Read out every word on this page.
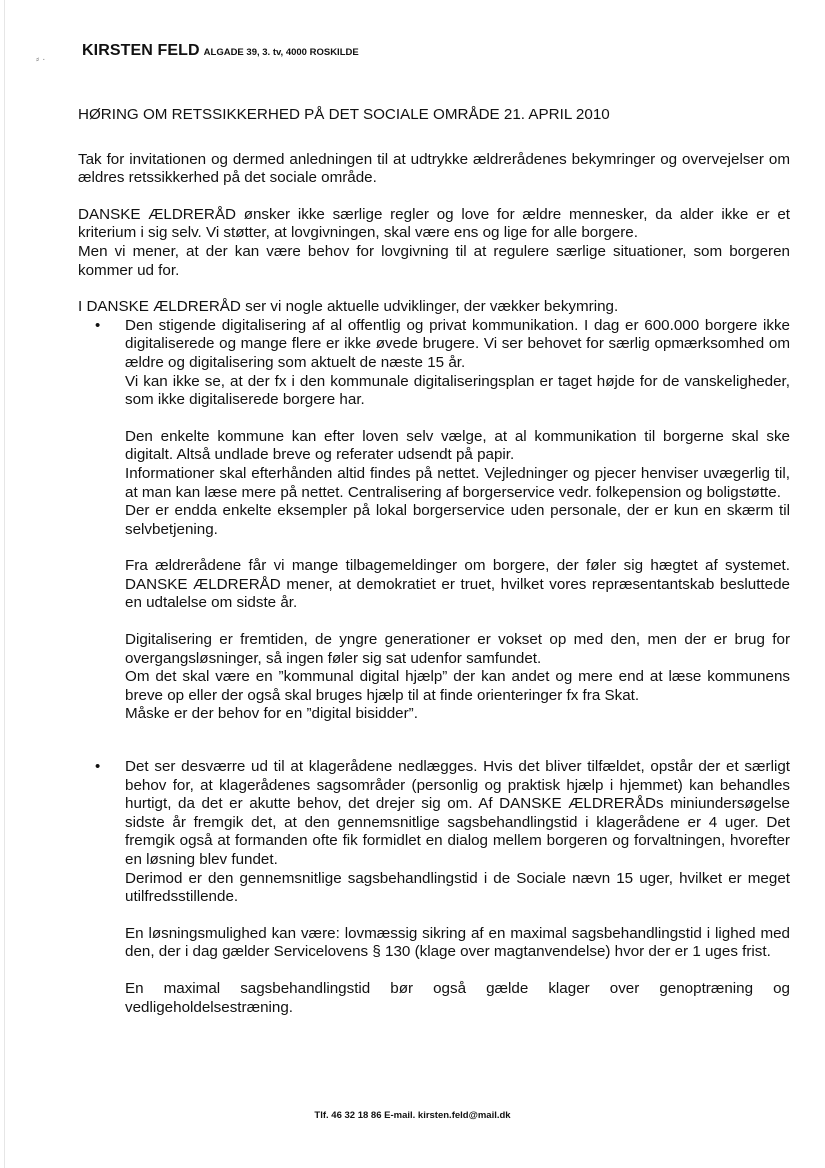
⸗ ·
KIRSTEN FELD ALGADE 39, 3. tv, 4000 ROSKILDE
HØRING OM RETSSIKKERHED PÅ DET SOCIALE OMRÅDE 21. APRIL 2010

Tak for invitationen og dermed anledningen til at udtrykke ældrerådenes bekymringer og overvejelser om ældres retssikkerhed på det sociale område.

DANSKE ÆLDRERÅD ønsker ikke særlige regler og love for ældre mennesker, da alder ikke er et kriterium i sig selv. Vi støtter, at lovgivningen, skal være ens og lige for alle borgere.

Men vi mener, at der kan være behov for lovgivning til at regulere særlige situationer, som borgeren kommer ud for.

I DANSKE ÆLDRERÅD ser vi nogle aktuelle udviklinger, der vækker bekymring.

• Den stigende digitalisering af al offentlig og privat kommunikation. I dag er 600.000 borgere ikke digitaliserede og mange flere er ikke øvede brugere. Vi ser behovet for særlig opmærksomhed om ældre og digitalisering som aktuelt de næste 15 år.

Vi kan ikke se, at der fx i den kommunale digitaliseringsplan er taget højde for de vanskeligheder, som ikke digitaliserede borgere har.

Den enkelte kommune kan efter loven selv vælge, at al kommunikation til borgerne skal ske digitalt. Altså undlade breve og referater udsendt på papir.

Informationer skal efterhånden altid findes på nettet. Vejledninger og pjecer henviser uvægerlig til, at man kan læse mere på nettet. Centralisering af borgerservice vedr. folkepension og boligstøtte.

Der er endda enkelte eksempler på lokal borgerservice uden personale, der er kun en skærm til selvbetjening.

Fra ældrerådene får vi mange tilbagemeldinger om borgere, der føler sig hægtet af systemet. DANSKE ÆLDRERÅD mener, at demokratiet er truet, hvilket vores repræsentantskab besluttede en udtalelse om sidste år.

Digitalisering er fremtiden, de yngre generationer er vokset op med den, men der er brug for overgangsløsninger, så ingen føler sig sat udenfor samfundet.

Om det skal være en ”kommunal digital hjælp” der kan andet og mere end at læse kommunens breve op eller der også skal bruges hjælp til at finde orienteringer fx fra Skat.

Måske er der behov for en ”digital bisidder”.

• Det ser desværre ud til at klagerådene nedlægges. Hvis det bliver tilfældet, opstår der et særligt behov for, at klagerådenes sagsområder (personlig og praktisk hjælp i hjemmet) kan behandles hurtigt, da det er akutte behov, det drejer sig om. Af DANSKE ÆLDRERÅDs miniundersøgelse sidste år fremgik det, at den gennemsnitlige sagsbehandlingstid i klagerådene er 4 uger. Det fremgik også at formanden ofte fik formidlet en dialog mellem borgeren og forvaltningen, hvorefter en løsning blev fundet.

Derimod er den gennemsnitlige sagsbehandlingstid i de Sociale nævn 15 uger, hvilket er meget utilfredsstillende.

En løsningsmulighed kan være: lovmæssig sikring af en maximal sagsbehandlingstid i lighed med den, der i dag gælder Servicelovens § 130 (klage over magtanvendelse) hvor der er 1 uges frist.

En maximal sagsbehandlingstid bør også gælde klager over genoptræning og vedligeholdelsestræning.

Tlf. 46 32 18 86 E-mail. kirsten.feld@mail.dk
